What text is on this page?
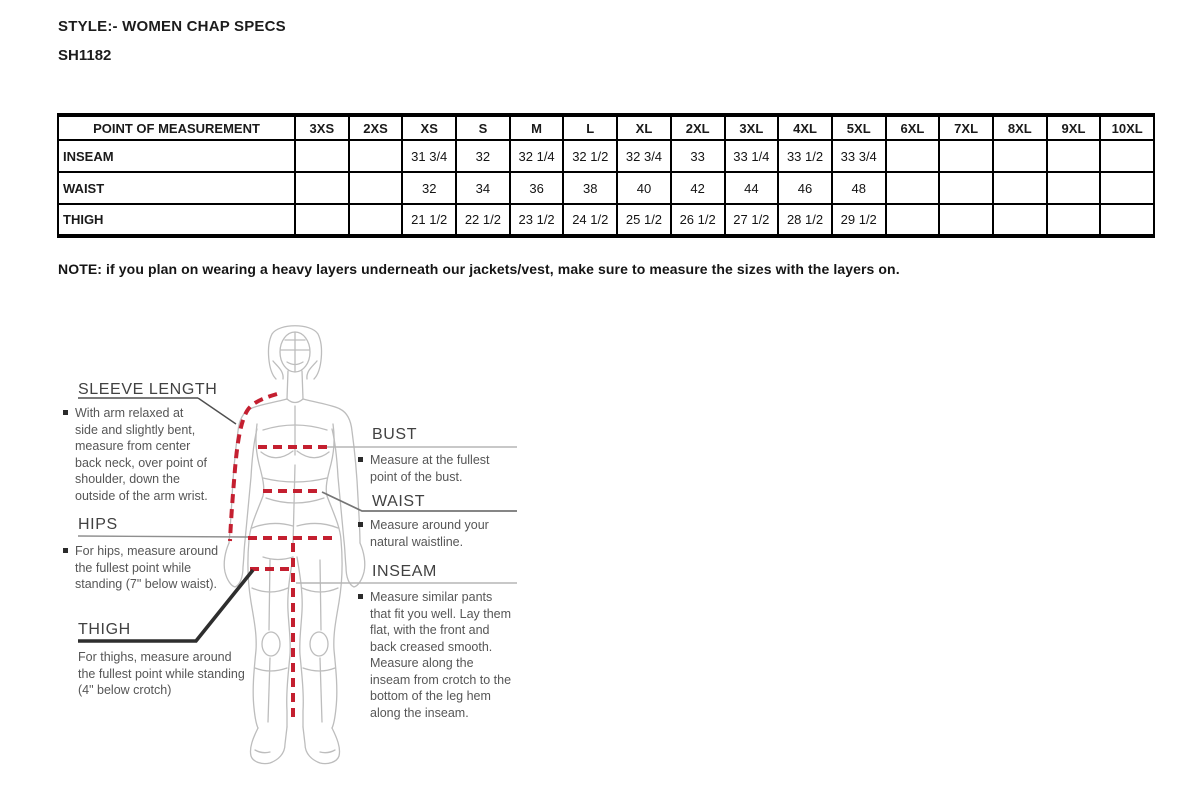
STYLE:- WOMEN CHAP SPECS
SH1182
POINT OF MEASUREMENT	3XS	2XS	XS	S	M	L	XL	2XL	3XL	4XL	5XL	6XL	7XL	8XL	9XL	10XL
INSEAM			31 3/4	32	32 1/4	32 1/2	32 3/4	33	33 1/4	33 1/2	33 3/4					
WAIST			32	34	36	38	40	42	44	46	48					
THIGH			21 1/2	22 1/2	23 1/2	24 1/2	25 1/2	26 1/2	27 1/2	28 1/2	29 1/2					
NOTE: if you plan on wearing a heavy layers underneath our jackets/vest, make sure to measure the sizes with the layers on.
SLEEVE LENGTH
With arm relaxed at side and slightly bent, measure from center back neck, over point of shoulder, down the outside of the arm wrist.
HIPS
For hips, measure around the fullest point while standing (7" below waist).
THIGH
For thighs, measure around the fullest point while standing (4" below crotch)
BUST
Measure at the fullest point of the bust.
WAIST
Measure around your natural waistline.
INSEAM
Measure similar pants that fit you well. Lay them flat, with the front and back creased smooth. Measure along the inseam from crotch to the bottom of the leg hem along the inseam.
